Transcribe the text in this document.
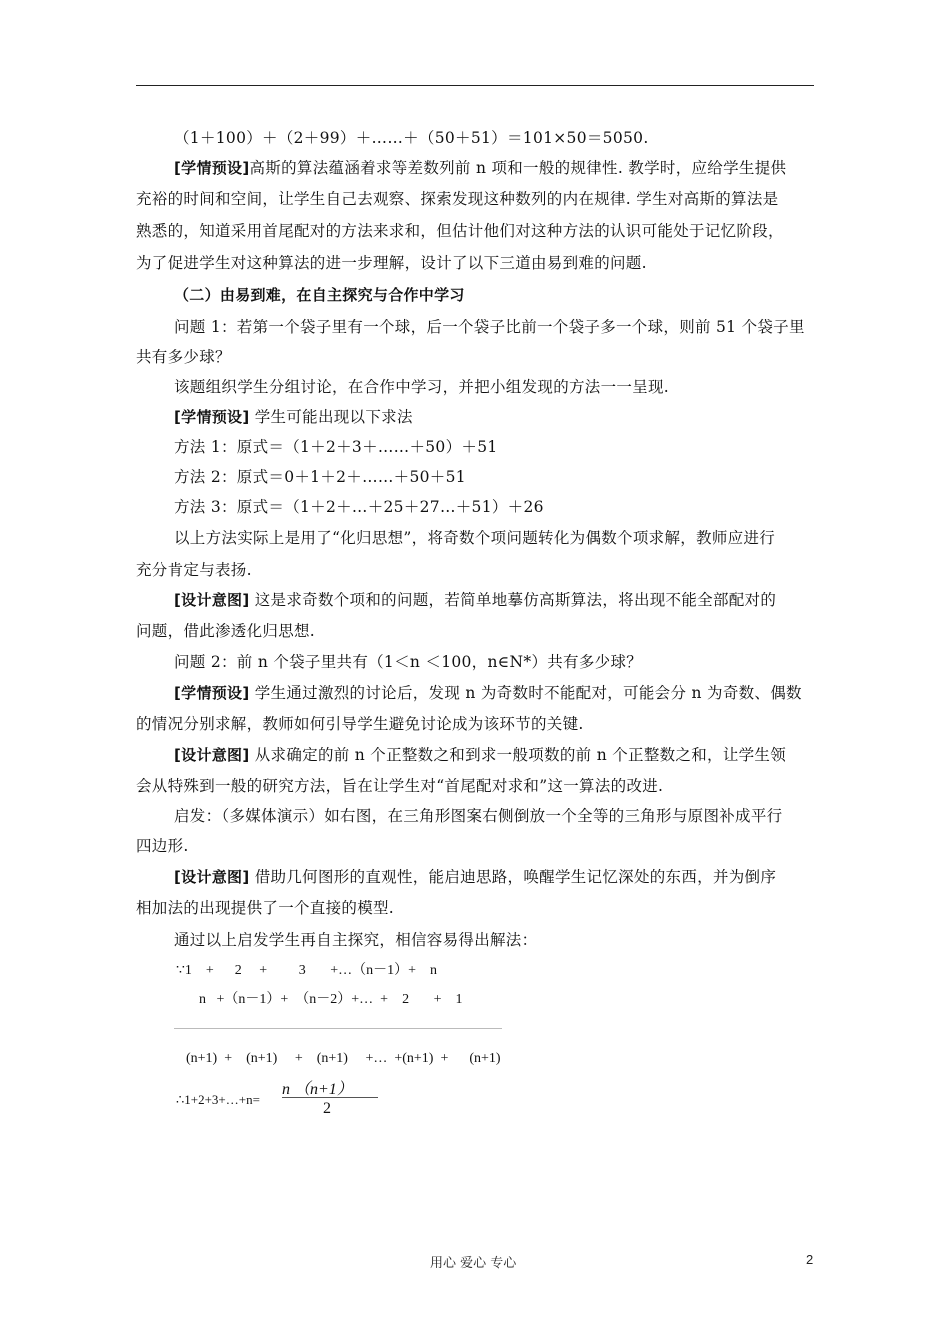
（1＋100）＋（2＋99）＋……＋（50＋51）＝101×50＝5050.
[学情预设]高斯的算法蕴涵着求等差数列前 n 项和一般的规律性. 教学时，应给学生提供
充裕的时间和空间，让学生自己去观察、探索发现这种数列的内在规律. 学生对高斯的算法是
熟悉的，知道采用首尾配对的方法来求和，但估计他们对这种方法的认识可能处于记忆阶段，
为了促进学生对这种算法的进一步理解，设计了以下三道由易到难的问题.
（二）由易到难，在自主探究与合作中学习
问题 1：若第一个袋子里有一个球，后一个袋子比前一个袋子多一个球，则前 51 个袋子里
共有多少球？
该题组织学生分组讨论，在合作中学习，并把小组发现的方法一一呈现.
[学情预设] 学生可能出现以下求法
方法 1：原式＝（1＋2＋3＋……＋50）＋51
方法 2：原式＝0＋1＋2＋……＋50＋51
方法 3：原式＝（1＋2＋…＋25＋27…＋51）＋26
以上方法实际上是用了“化归思想”，将奇数个项问题转化为偶数个项求解，教师应进行
充分肯定与表扬.
[设计意图] 这是求奇数个项和的问题，若简单地摹仿高斯算法，将出现不能全部配对的
问题，借此渗透化归思想.
问题 2：前 n 个袋子里共有（1＜n ＜100，n∈N*）共有多少球？
[学情预设] 学生通过激烈的讨论后，发现 n 为奇数时不能配对，可能会分 n 为奇数、偶数
的情况分别求解，教师如何引导学生避免讨论成为该环节的关键.
[设计意图] 从求确定的前 n 个正整数之和到求一般项数的前 n 个正整数之和，让学生领
会从特殊到一般的研究方法，旨在让学生对“首尾配对求和”这一算法的改进.
启发：（多媒体演示）如右图，在三角形图案右侧倒放一个全等的三角形与原图补成平行
四边形.
[设计意图] 借助几何图形的直观性，能启迪思路，唤醒学生记忆深处的东西，并为倒序
相加法的出现提供了一个直接的模型.
通过以上启发学生再自主探究，相信容易得出解法：
∵1    +      2     +         3       +…（n－1）+    n
n   +（n－1）+  （n－2）+…  +    2       +    1
(n+1)  +    (n+1)     +    (n+1)     +…  +(n+1)  +      (n+1)
∴1+2+3+…+n=
n （n+1）
2
用心 爱心 专心	2
